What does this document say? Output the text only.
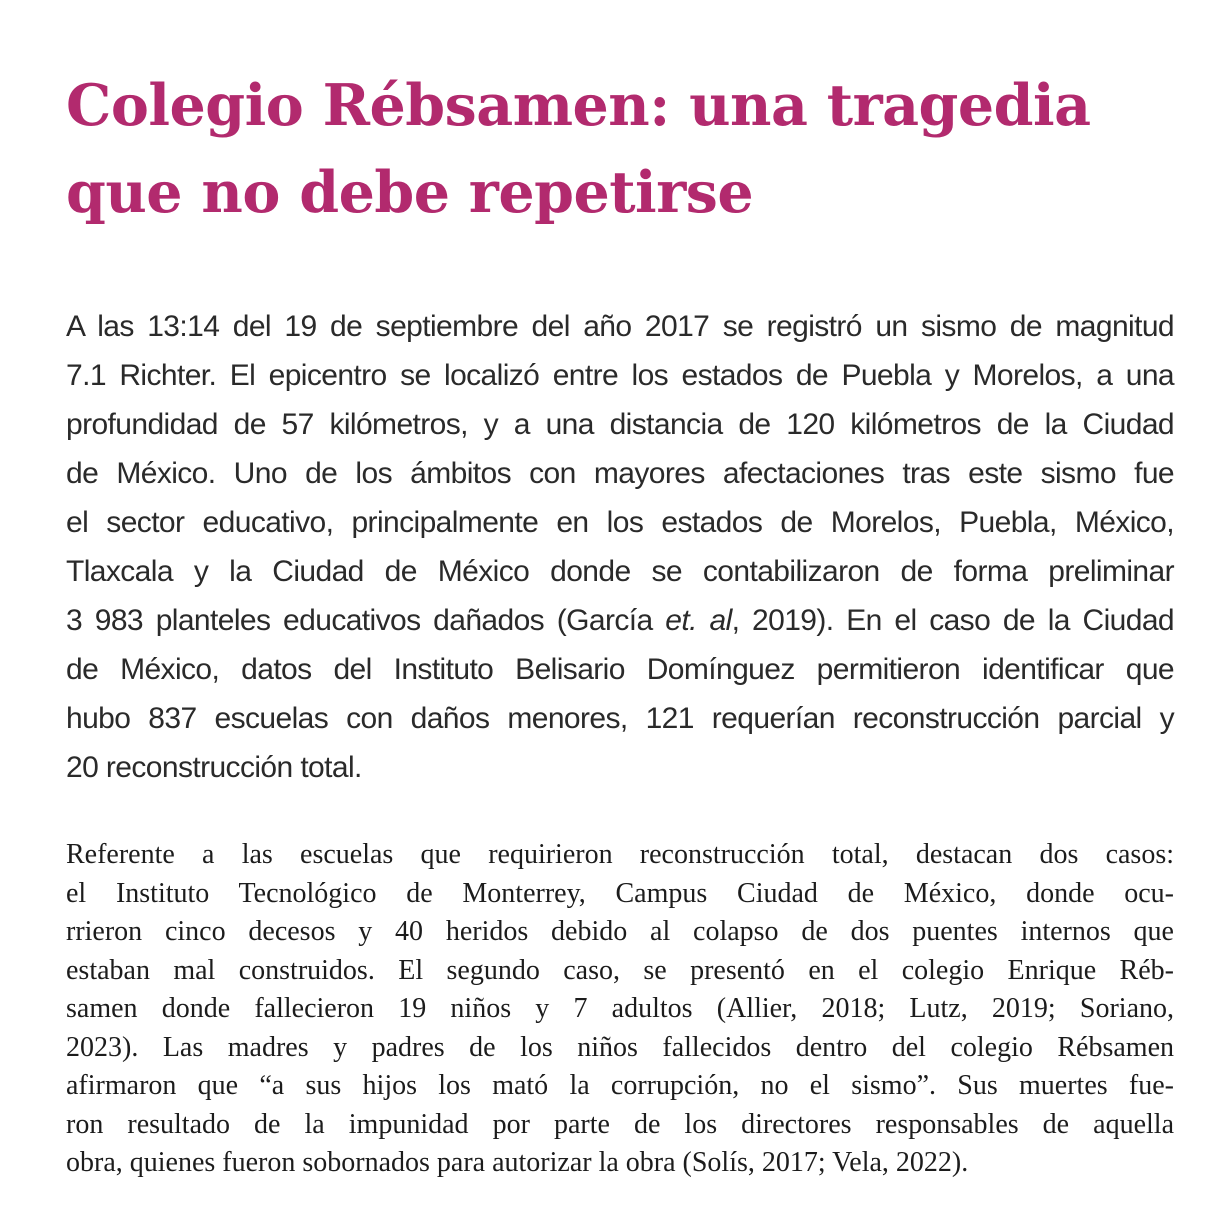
Colegio Rébsamen: una tragedia
que no debe repetirse
A las 13:14 del 19 de septiembre del año 2017 se registró un sismo de magnitud
7.1 Richter. El epicentro se localizó entre los estados de Puebla y Morelos, a una
profundidad de 57 kilómetros, y a una distancia de 120 kilómetros de la Ciudad
de México. Uno de los ámbitos con mayores afectaciones tras este sismo fue
el sector educativo, principalmente en los estados de Morelos, Puebla, México,
Tlaxcala y la Ciudad de México donde se contabilizaron de forma preliminar
3 983 planteles educativos dañados (García et. al, 2019). En el caso de la Ciudad
de México, datos del Instituto Belisario Domínguez permitieron identificar que
hubo 837 escuelas con daños menores, 121 requerían reconstrucción parcial y
20 reconstrucción total.
Referente a las escuelas que requirieron reconstrucción total, destacan dos casos:
el Instituto Tecnológico de Monterrey, Campus Ciudad de México, donde ocu-
rrieron cinco decesos y 40 heridos debido al colapso de dos puentes internos que
estaban mal construidos. El segundo caso, se presentó en el colegio Enrique Réb-
samen donde fallecieron 19 niños y 7 adultos (Allier, 2018; Lutz, 2019; Soriano,
2023). Las madres y padres de los niños fallecidos dentro del colegio Rébsamen
afirmaron que “a sus hijos los mató la corrupción, no el sismo”. Sus muertes fue-
ron resultado de la impunidad por parte de los directores responsables de aquella
obra, quienes fueron sobornados para autorizar la obra (Solís, 2017; Vela, 2022).
